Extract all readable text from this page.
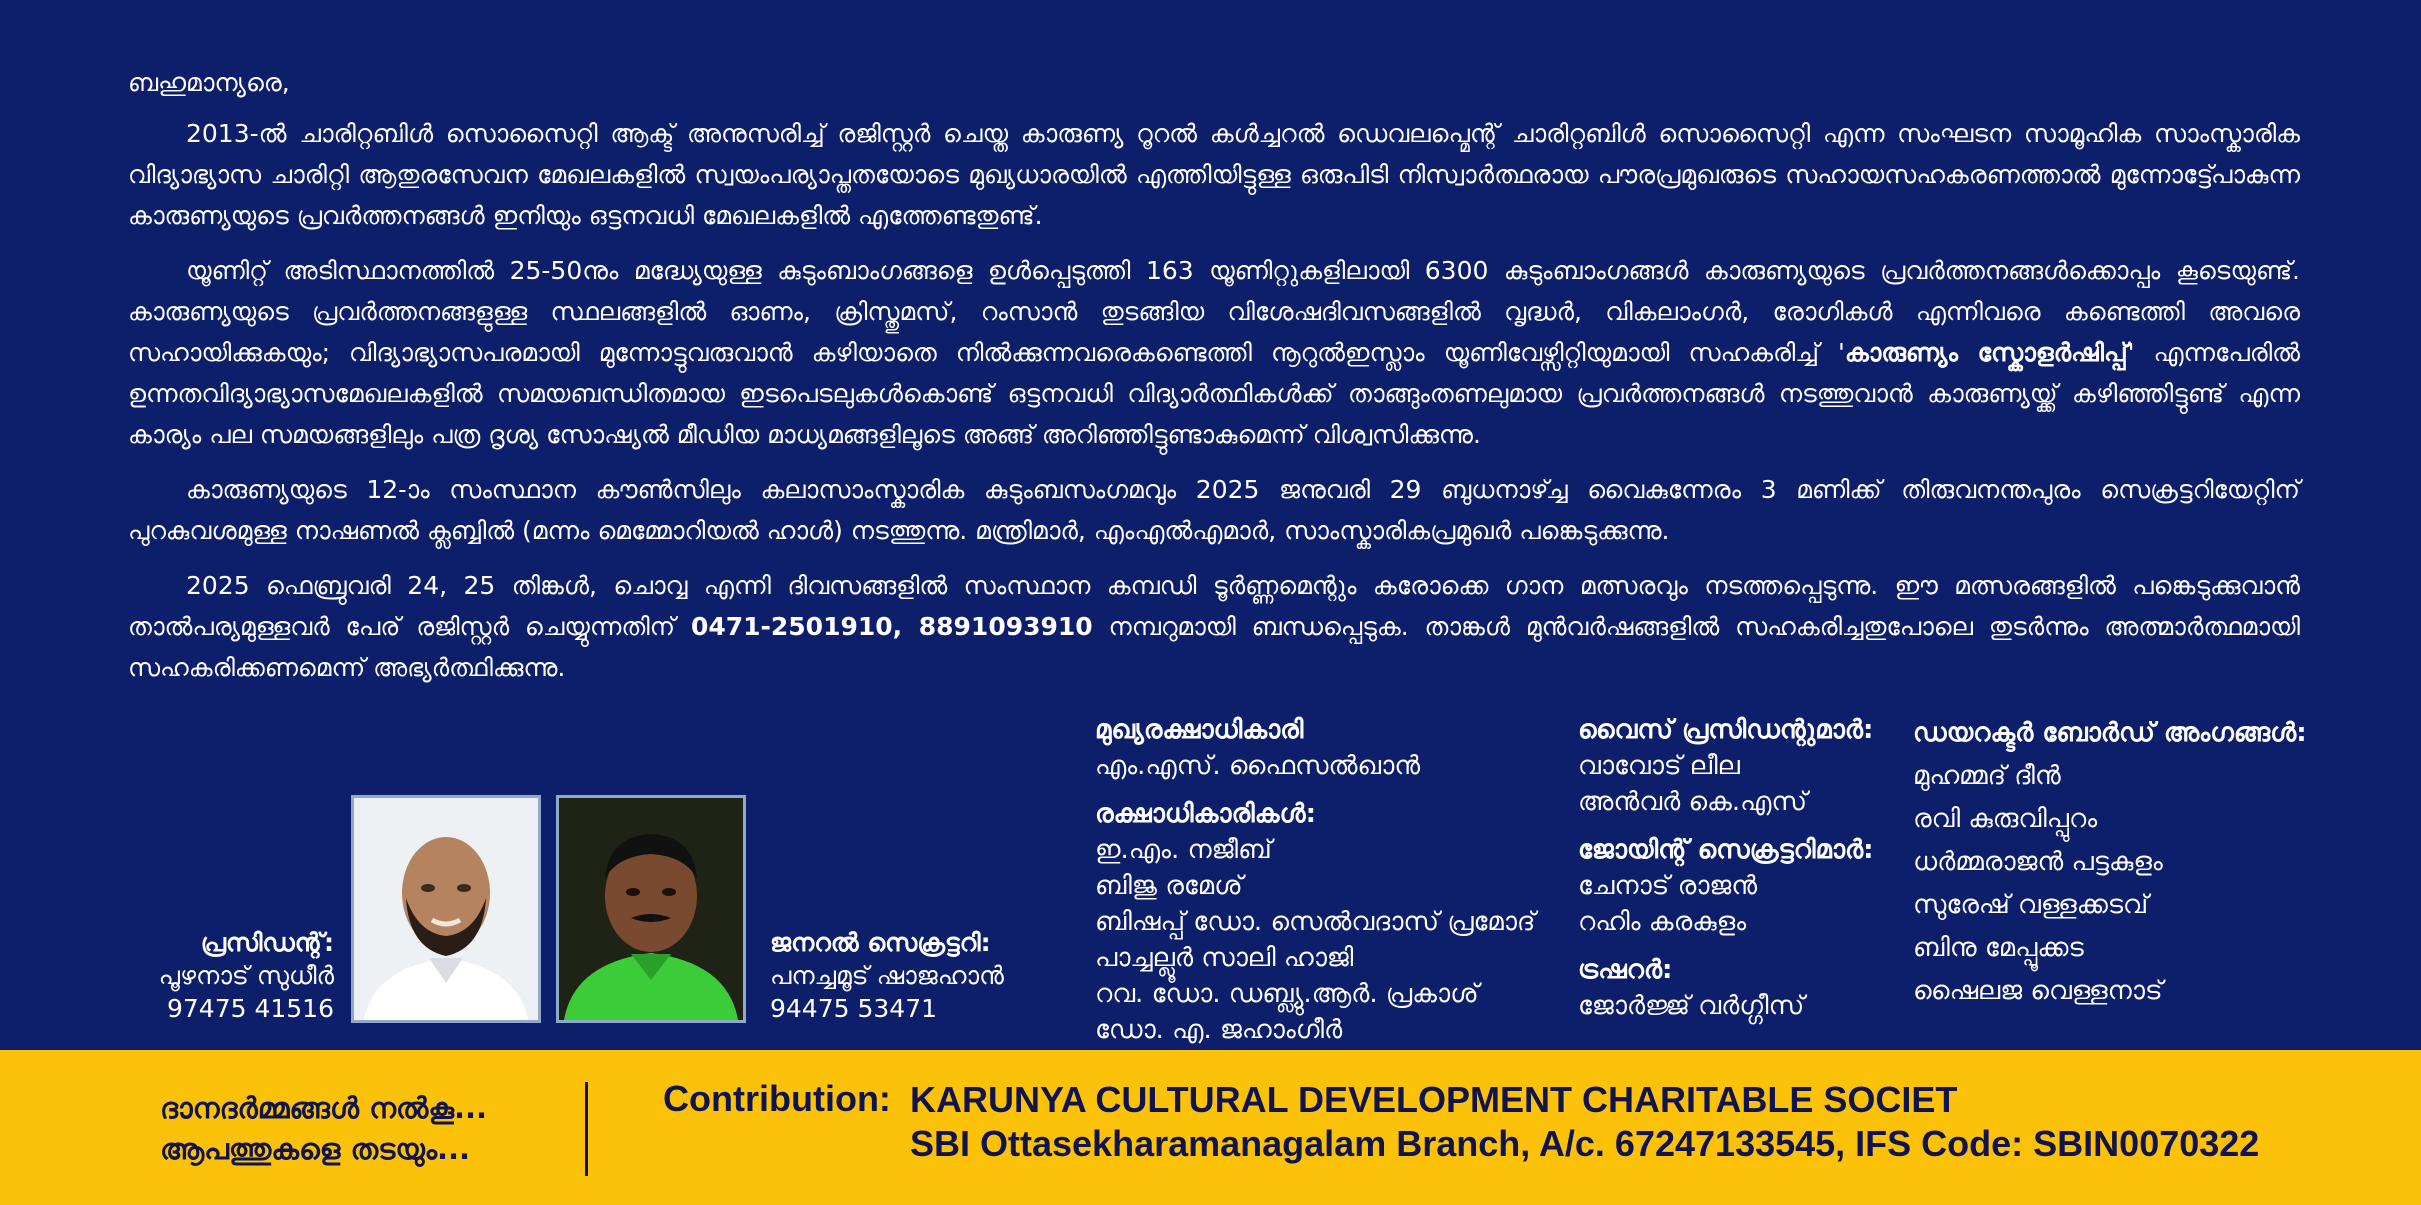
ബഹുമാന്യരെ,

2013-ൽ ചാരിറ്റബിൾ സൊസൈറ്റി ആക്ട് അനുസരിച്ച് രജിസ്റ്റർ ചെയ്ത കാരുണ്യ റൂറൽ കൾച്ചറൽ ഡെവലപ്മെന്റ് ചാരിറ്റബിൾ സൊസൈറ്റി എന്ന സംഘടന സാമൂഹിക സാംസ്കാരിക വിദ്യാഭ്യാസ ചാരിറ്റി ആതുരസേവന മേഖലകളിൽ സ്വയംപര്യാപ്തതയോടെ മുഖ്യധാരയിൽ എത്തിയിട്ടുള്ള ഒരുപിടി നിസ്വാർത്ഥരായ പൗരപ്രമുഖരുടെ സഹായസഹകരണത്താൽ മുന്നോട്ട്പോകുന്ന കാരുണ്യയുടെ പ്രവർത്തനങ്ങൾ ഇനിയും ഒട്ടനവധി മേഖലകളിൽ എത്തേണ്ടതുണ്ട്.

യൂണിറ്റ് അടിസ്ഥാനത്തിൽ 25-50നും മദ്ധ്യേയുള്ള കുടുംബാംഗങ്ങളെ ഉൾപ്പെടുത്തി 163 യൂണിറ്റുകളിലായി 6300 കുടുംബാംഗങ്ങൾ കാരുണ്യയുടെ പ്രവർത്തനങ്ങൾക്കൊപ്പം കൂടെയുണ്ട്. കാരുണ്യയുടെ പ്രവർത്തനങ്ങളുള്ള സ്ഥലങ്ങളിൽ ഓണം, ക്രിസ്തുമസ്, റംസാൻ തുടങ്ങിയ വിശേഷദിവസങ്ങളിൽ വൃദ്ധർ, വികലാംഗർ, രോഗികൾ എന്നിവരെ കണ്ടെത്തി അവരെ സഹായിക്കുകയും; വിദ്യാഭ്യാസപരമായി മുന്നോട്ടുവരുവാൻ കഴിയാതെ നിൽക്കുന്നവരെകണ്ടെത്തി നൂറുൽഇസ്ലാം യൂണിവേഴ്സിറ്റിയുമായി സഹകരിച്ച് 'കാരുണ്യം സ്കോളർഷിപ്പ്' എന്നപേരിൽ ഉന്നതവിദ്യാഭ്യാസമേഖലകളിൽ സമയബന്ധിതമായ ഇടപെടലുകൾകൊണ്ട് ഒട്ടനവധി വിദ്യാർത്ഥികൾക്ക് താങ്ങുംതണലുമായ പ്രവർത്തനങ്ങൾ നടത്തുവാൻ കാരുണ്യയ്ക്ക് കഴിഞ്ഞിട്ടുണ്ട് എന്ന കാര്യം പല സമയങ്ങളിലും പത്ര ദൃശ്യ സോഷ്യൽ മീഡിയ മാധ്യമങ്ങളിലൂടെ അങ്ങ് അറിഞ്ഞിട്ടുണ്ടാകുമെന്ന് വിശ്വസിക്കുന്നു.

കാരുണ്യയുടെ 12-ാം സംസ്ഥാന കൗൺസിലും കലാസാംസ്കാരിക കുടുംബസംഗമവും 2025 ജനുവരി 29 ബുധനാഴ്ച്ച വൈകുന്നേരം 3 മണിക്ക് തിരുവനന്തപുരം സെക്രട്ടറിയേറ്റിന് പുറകുവശമുള്ള നാഷണൽ ക്ലബ്ബിൽ (മന്നം മെമ്മോറിയൽ ഹാൾ) നടത്തുന്നു. മന്ത്രിമാർ, എംഎൽഎമാർ, സാംസ്കാരികപ്രമുഖർ പങ്കെടുക്കുന്നു.

2025 ഫെബ്രുവരി 24, 25 തിങ്കൾ, ചൊവ്വ എന്നി ദിവസങ്ങളിൽ സംസ്ഥാന കമ്പഡി ടൂർണ്ണമെന്റും കരോക്കെ ഗാന മത്സരവും നടത്തപ്പെടുന്നു. ഈ മത്സരങ്ങളിൽ പങ്കെടുക്കുവാൻ താൽപര്യമുള്ളവർ പേര് രജിസ്റ്റർ ചെയ്യുന്നതിന് 0471-2501910, 8891093910 നമ്പറുമായി ബന്ധപ്പെടുക. താങ്കൾ മുൻവർഷങ്ങളിൽ സഹകരിച്ചതുപോലെ തുടർന്നും അത്മാർത്ഥമായി സഹകരിക്കണമെന്ന് അഭ്യർത്ഥിക്കുന്നു.

പ്രസിഡന്റ്:
പൂഴനാട് സുധീർ
97475 41516
ജനറൽ സെക്രട്ടറി:
പനച്ചമൂട് ഷാജഹാൻ
94475 53471
മുഖ്യരക്ഷാധികാരി
എം.എസ്. ഫൈസൽഖാൻ
രക്ഷാധികാരികൾ:
ഇ.എം. നജീബ്
ബിജു രമേശ്
ബിഷപ്പ് ഡോ. സെൽവദാസ് പ്രമോദ്
പാച്ചല്ലൂർ സാലി ഹാജി
റവ. ഡോ. ഡബ്ല്യു.ആർ. പ്രകാശ്
ഡോ. എ. ജഹാംഗീർ
വൈസ് പ്രസിഡന്റുമാർ:
വാവോട് ലീല
അൻവർ കെ.എസ്
ജോയിന്റ് സെക്രട്ടറിമാർ:
ചേനാട് രാജൻ
റഹിം കരകുളം
ട്രഷറർ:
ജോർജ്ജ് വർഗ്ഗീസ്
ഡയറക്ടർ ബോർഡ് അംഗങ്ങൾ:
മുഹമ്മദ് ദീൻ
രവി കുരുവിപ്പുറം
ധർമ്മരാജൻ പട്ടകുളം
സുരേഷ് വള്ളക്കടവ്
ബിനു മേപ്പൂക്കട
ഷൈലജ വെള്ളനാട്
ദാനദർമ്മങ്ങൾ നൽകൂ...
ആപത്തുകളെ തടയും...
Contribution: KARUNYA CULTURAL DEVELOPMENT CHARITABLE SOCIET
SBI Ottasekharamanagalam Branch, A/c. 67247133545, IFS Code: SBIN0070322
